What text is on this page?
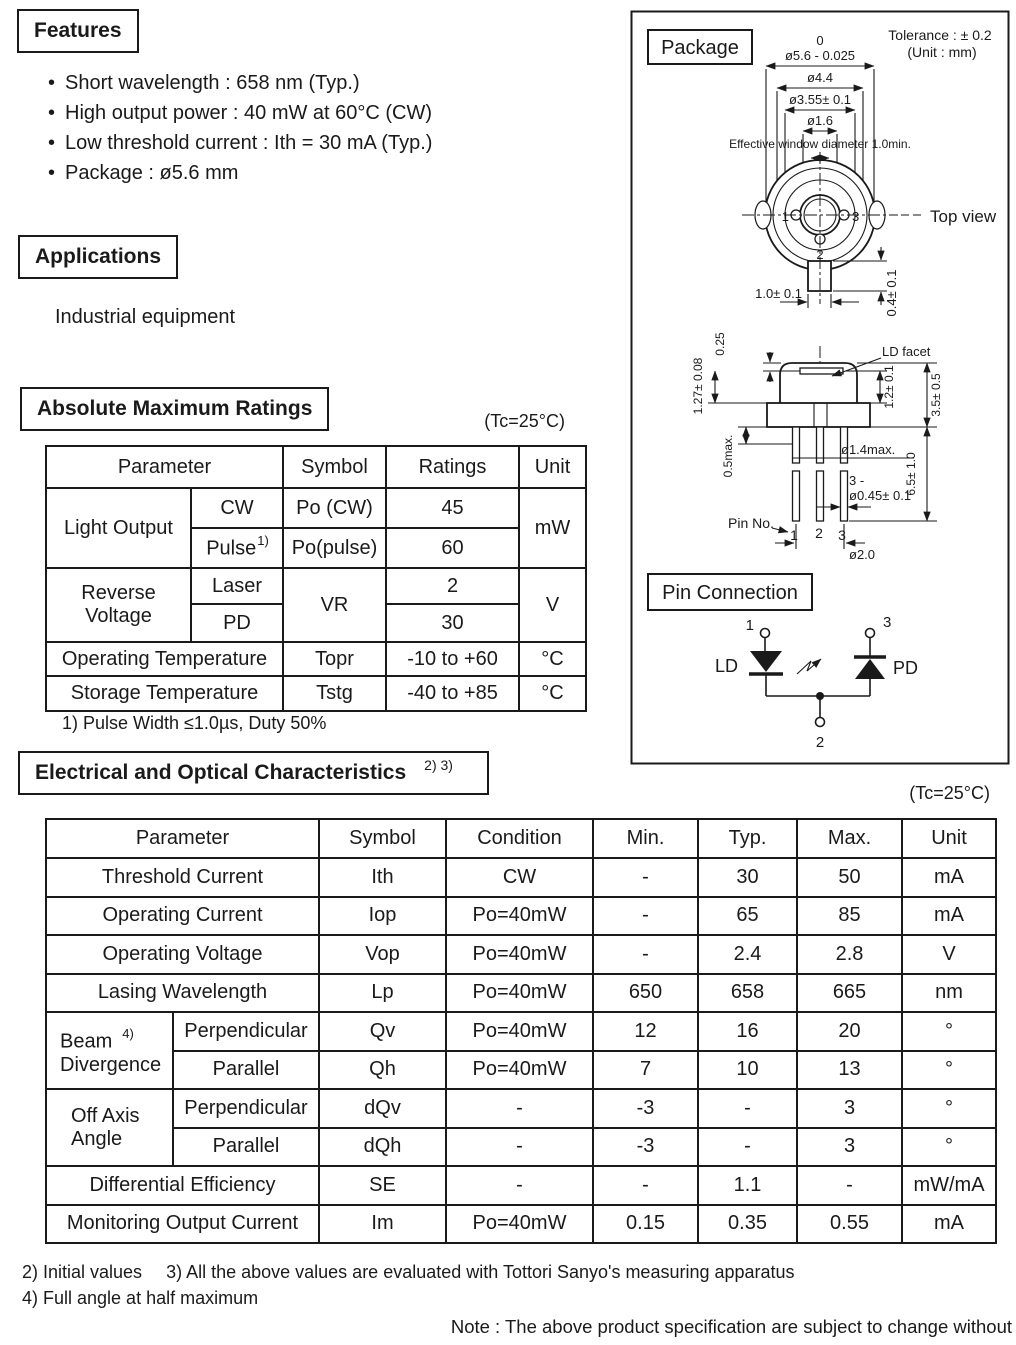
Features
• Short wavelength : 658 nm (Typ.)
• High output power : 40 mW at 60°C (CW)
• Low threshold current : Ith = 30 mA (Typ.)
• Package : ø5.6 mm
Applications
Industrial equipment
Absolute Maximum Ratings
(Tc=25°C)
Parameter		Symbol	Ratings	Unit
Light Output	CW	Po (CW)	45	mW
	Pulse$^{1)}$	Po(pulse)	60	
Reverse Voltage	Laser	VR	2	V
	PD		30	
Operating Temperature		Topr	-10 to +60	°C
Storage Temperature		Tstg	-40 to +85	°C
1) Pulse Width ≤1.0µs, Duty 50%
Electrical and Optical Characteristics $^{2) 3)}$
(Tc=25°C)
Parameter		Symbol	Condition	Min.	Typ.	Max.	Unit
Threshold Current		Ith	CW	-	30	50	mA
Operating Current		Iop	Po=40mW	-	65	85	mA
Operating Voltage		Vop	Po=40mW	-	2.4	2.8	V
Lasing Wavelength		Lp	Po=40mW	650	658	665	nm

Beam $^{4)}$
Divergence	Perpendicular	Qv	Po=40mW	12	16	20	°
	Parallel	Qh	Po=40mW	7	10	13	°

Off Axis
Angle	Perpendicular	dQv	-	-3	-	3	°
	Parallel	dQh	-	-3	-	3	°
Differential Efficiency		SE	-	-	1.1	-	mW/mA
Monitoring Output Current		Im	Po=40mW	0.15	0.35	0.55	mA
2) Initial values 3) All the above values are evaluated with Tottori Sanyo's measuring apparatus
4) Full angle at half maximum
Note : The above product specification are subject to change without
Package
Tolerance : ± 0.2
(Unit : mm)
0
ø5.6 - 0.025
ø4.4
ø3.55± 0.1
ø1.6
Effective window diameter 1.0min.
1	3
2
Top view
1.0± 0.1	0.4± 0.1
LD facet
0.25
1.27± 0.08
0.5max.
1.2± 0.1	3.5± 0.5
6.5± 1.0
ø1.4max.
3 -
ø0.45± 0.1
Pin No.
1 2 3
ø2.0
Pin Connection
1
LD
3
PD
2
